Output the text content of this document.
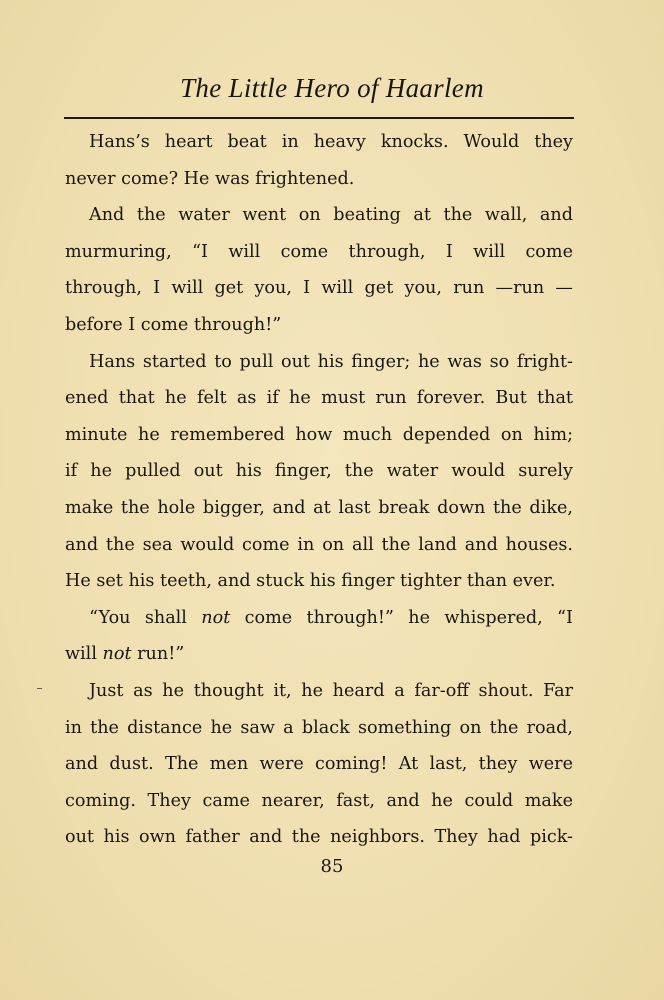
The Little Hero of Haarlem
Hans’s heart beat in heavy knocks. Would they
never come? He was frightened.
And the water went on beating at the wall, and
murmuring, “I will come through, I will come
through, I will get you, I will get you, run —run —
before I come through!”
Hans started to pull out his finger; he was so fright-
ened that he felt as if he must run forever. But that
minute he remembered how much depended on him;
if he pulled out his finger, the water would surely
make the hole bigger, and at last break down the dike,
and the sea would come in on all the land and houses.
He set his teeth, and stuck his finger tighter than ever.
“You shall not come through!” he whispered, “I
will not run!”
Just as he thought it, he heard a far-off shout. Far
in the distance he saw a black something on the road,
and dust. The men were coming! At last, they were
coming. They came nearer, fast, and he could make
out his own father and the neighbors. They had pick-
85
